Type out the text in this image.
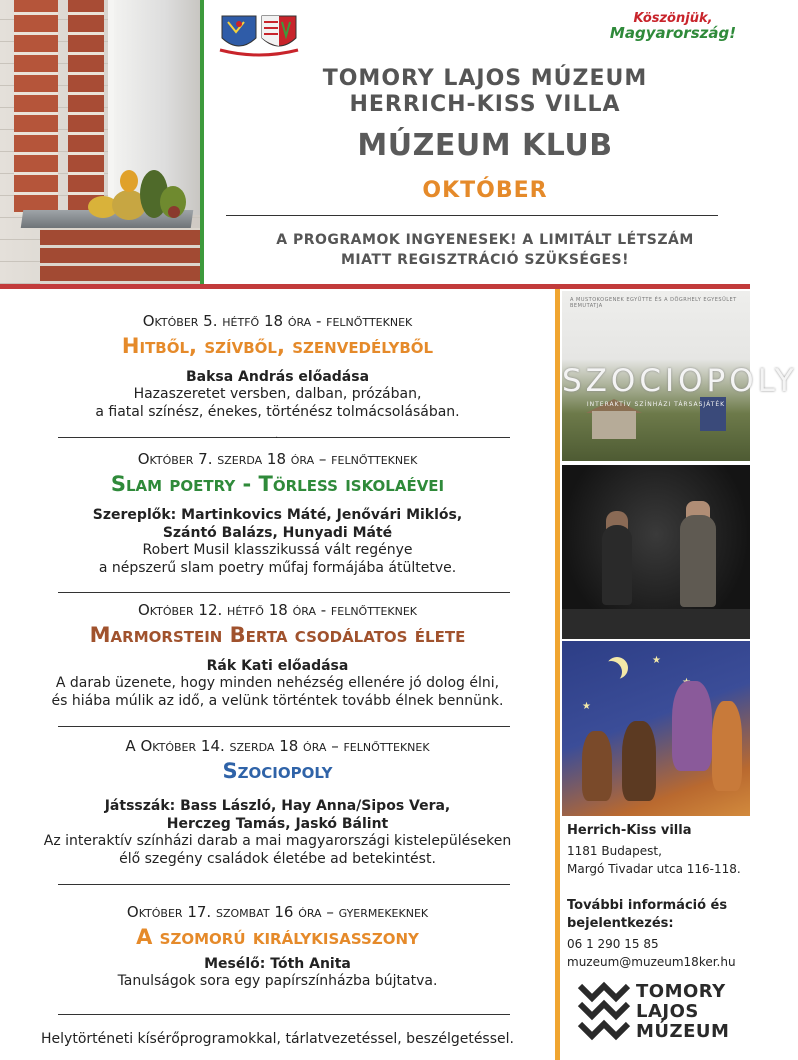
Köszönjük,
Magyarország!
TOMORY LAJOS MÚZEUM
HERRICH-KISS VILLA
MÚZEUM KLUB
OKTÓBER
A PROGRAMOK INGYENESEK! A LIMITÁLT LÉTSZÁM
MIATT REGISZTRÁCIÓ SZÜKSÉGES!
Október 5. hétfő 18 óra - felnőtteknek
Hitből, szívből, szenvedélyből
Baksa András előadása
Hazaszeretet versben, dalban, prózában,
a fiatal színész, énekes, történész tolmácsolásában.
·
Október 7. szerda 18 óra – felnőtteknek
Slam poetry - Törless iskolaévei
Szereplők: Martinkovics Máté, Jenővári Miklós,
Szántó Balázs, Hunyadi Máté
Robert Musil klasszikussá vált regénye
a népszerű slam poetry műfaj formájába átültetve.
Október 12. hétfő 18 óra - felnőtteknek
Marmorstein Berta csodálatos élete
Rák Kati előadása
A darab üzenete, hogy minden nehézség ellenére jó dolog élni,
és hiába múlik az idő, a velünk történtek tovább élnek bennünk.
A Október 14. szerda 18 óra – felnőtteknek
Szociopoly
Játsszák: Bass László, Hay Anna/Sipos Vera,
Herczeg Tamás, Jaskó Bálint
Az interaktív színházi darab a mai magyarországi kistelepüléseken
élő szegény családok életébe ad betekintést.
Október 17. szombat 16 óra – gyermekeknek
A szomorú királykisasszony
Mesélő: Tóth Anita
Tanulságok sora egy papírszínházba bújtatva.
Helytörténeti kísérőprogramokkal, tárlatvezetéssel, beszélgetéssel.
A MUSTOKOGENEK EGYÜTTE ÉS A DÖGRHELY EGYESÜLET BEMUTATJA
SZOCIOPOLY
INTERAKTÍV SZÍNHÁZI TÁRSASJÁTÉK
★
★
Herrich-Kiss villa
1181 Budapest,
Margó Tivadar utca 116-118.
További információ és
bejelentkezés:
06 1 290 15 85
muzeum@muzeum18ker.hu
TOMORY
LAJOS
MÚZEUM
